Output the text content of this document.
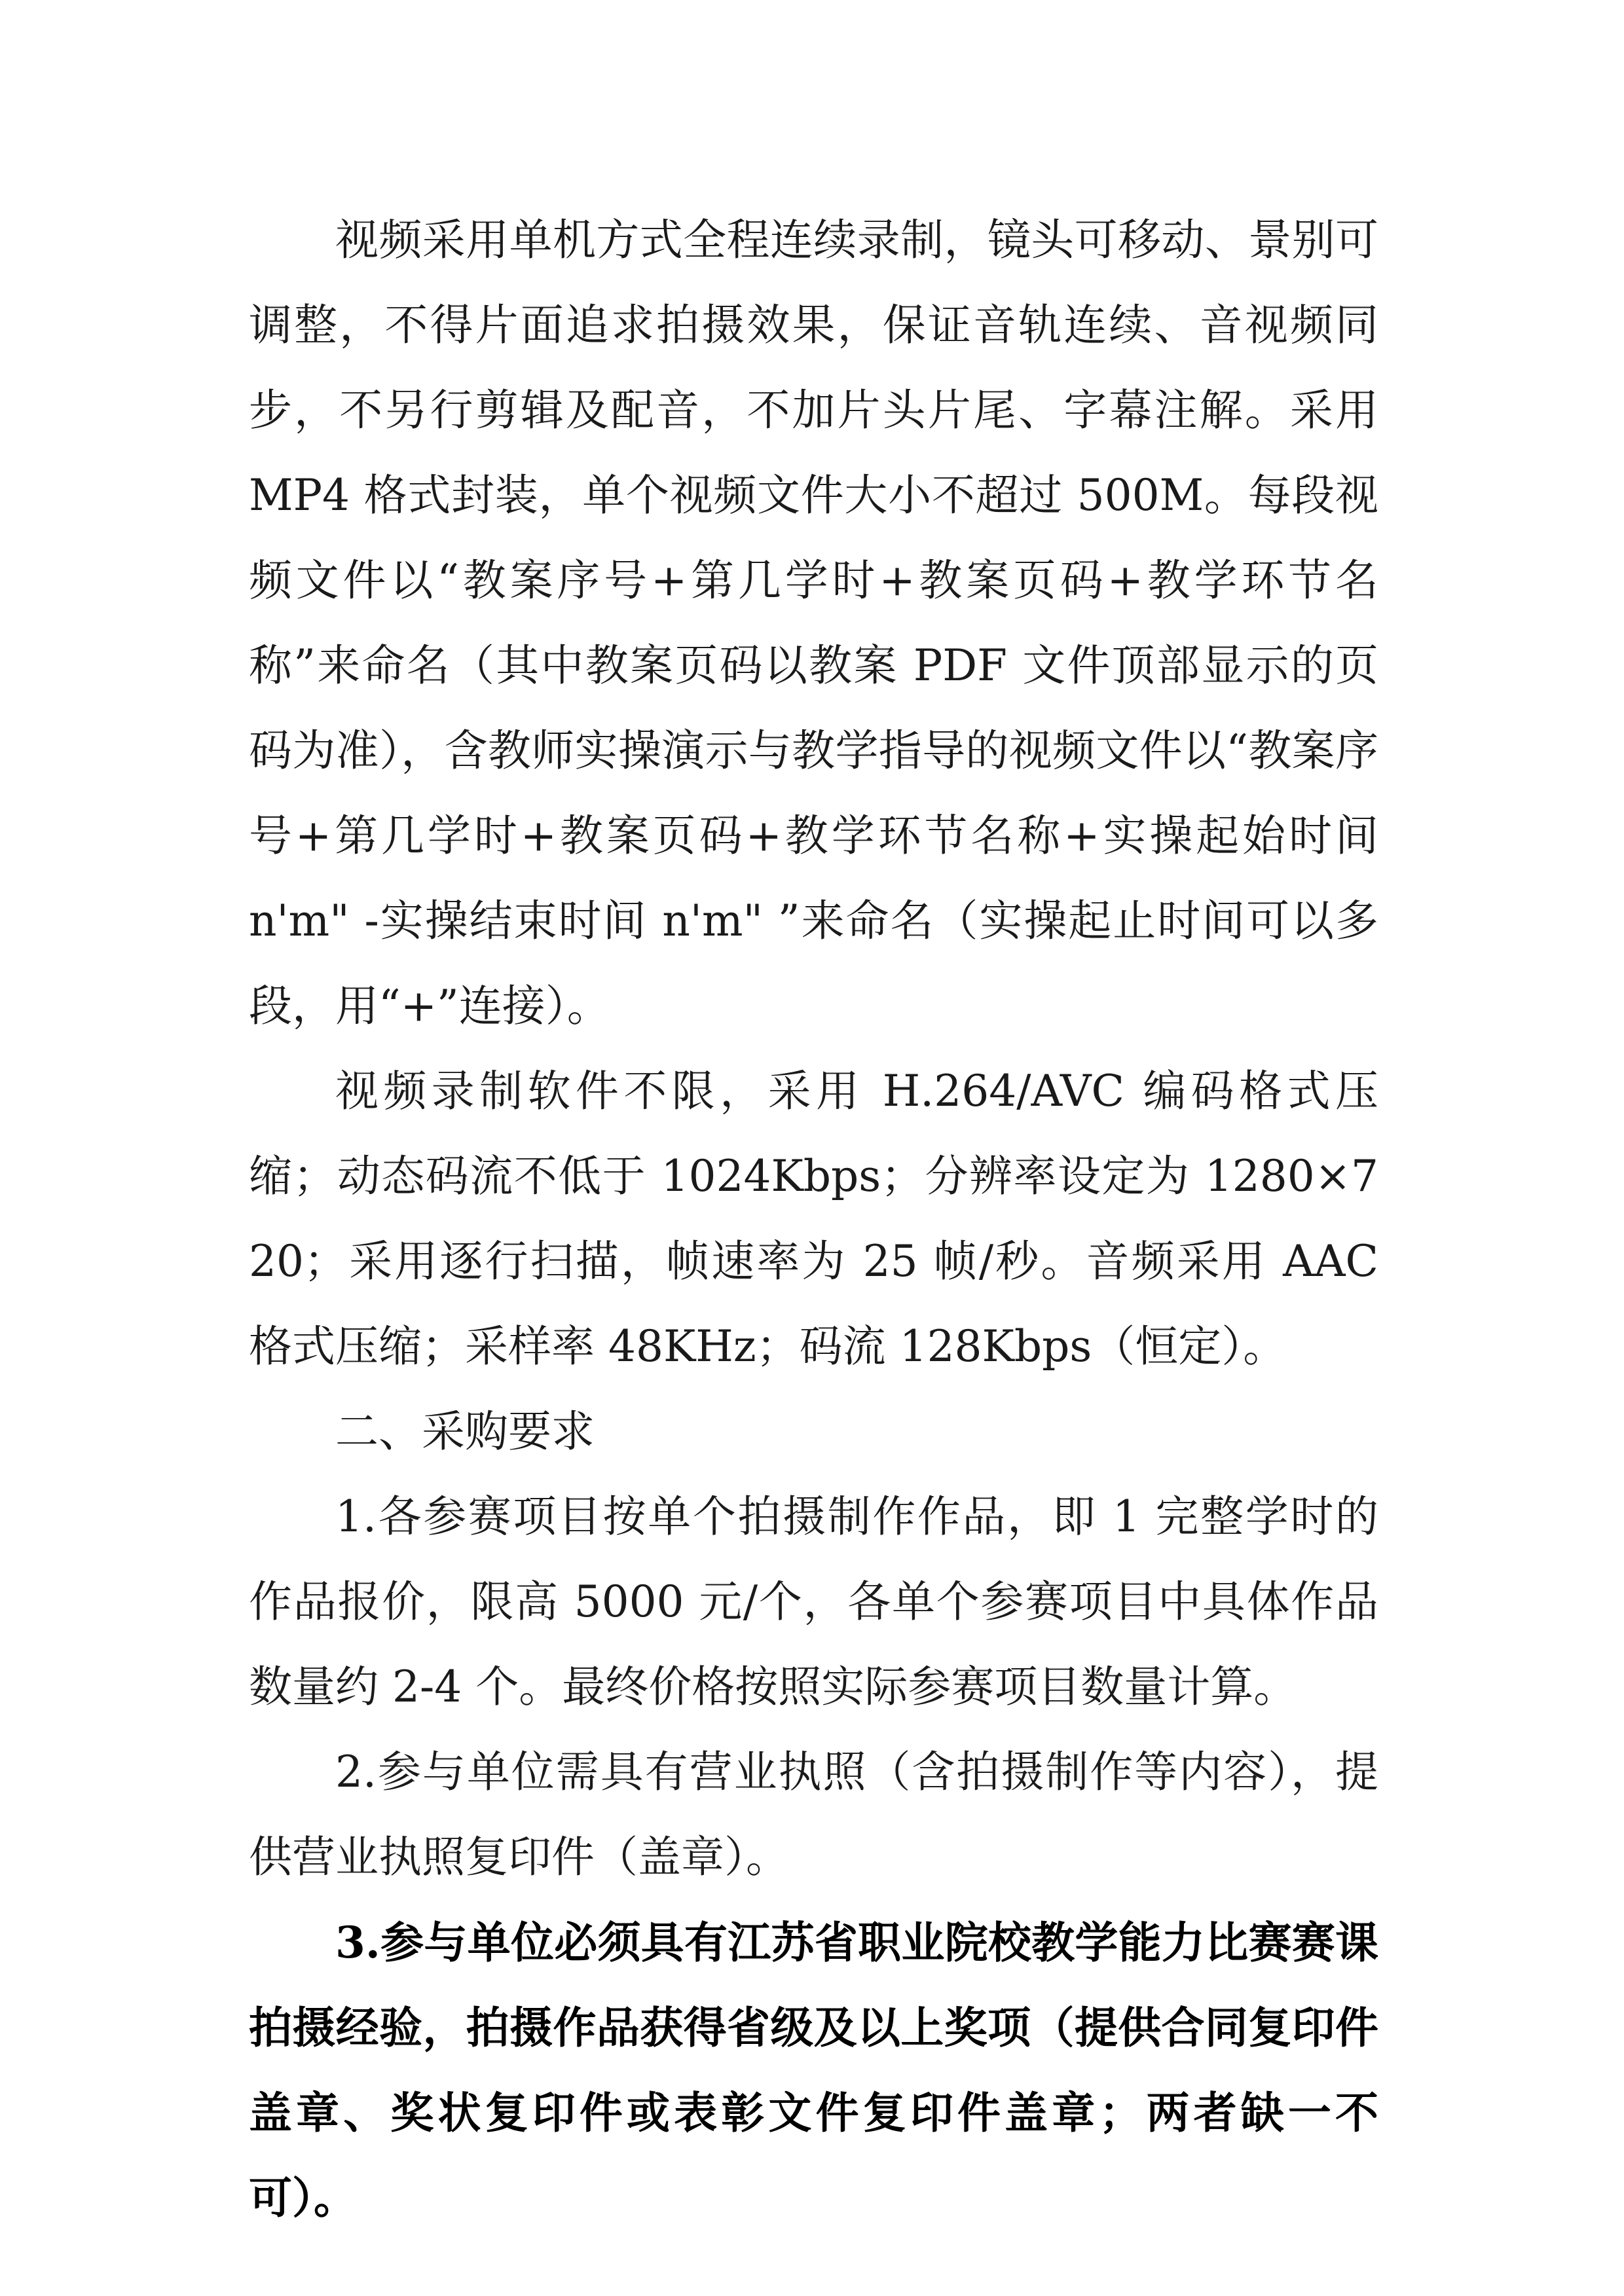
视频采用单机方式全程连续录制，镜头可移动、景别可调整，不得片面追求拍摄效果，保证音轨连续、音视频同步，不另行剪辑及配音，不加片头片尾、字幕注解。采用 MP4 格式封装，单个视频文件大小不超过 500M。每段视频文件以“教案序号+第几学时+教案页码+教学环节名称”来命名（其中教案页码以教案 PDF 文件顶部显示的页码为准），含教师实操演示与教学指导的视频文件以“教案序号+第几学时+教案页码+教学环节名称+实操起始时间 n'm" -实操结束时间 n'm" ”来命名（实操起止时间可以多段，用“+”连接）。

视频录制软件不限，采用 H.264/AVC 编码格式压缩；动态码流不低于 1024Kbps；分辨率设定为 1280×720；采用逐行扫描，帧速率为 25 帧/秒。音频采用 AAC 格式压缩；采样率 48KHz；码流 128Kbps（恒定）。

二、采购要求

1.各参赛项目按单个拍摄制作作品，即 1 完整学时的作品报价，限高 5000 元/个，各单个参赛项目中具体作品数量约 2-4 个。最终价格按照实际参赛项目数量计算。

2.参与单位需具有营业执照（含拍摄制作等内容），提供营业执照复印件（盖章）。

3.参与单位必须具有江苏省职业院校教学能力比赛赛课拍摄经验，拍摄作品获得省级及以上奖项（提供合同复印件盖章、奖状复印件或表彰文件复印件盖章；两者缺一不可）。
